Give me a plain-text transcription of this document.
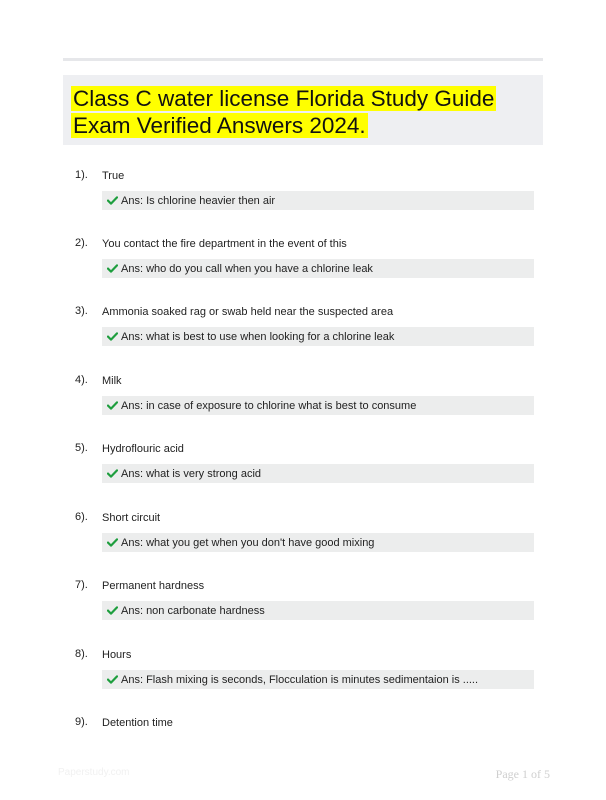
Class C water license Florida Study Guide Exam Verified Answers 2024.
1). True
Ans: Is chlorine heavier then air
2). You contact the fire department in the event of this
Ans: who do you call when you have a chlorine leak
3). Ammonia soaked rag or swab held near the suspected area
Ans: what is best to use when looking for a chlorine leak
4). Milk
Ans: in case of exposure to chlorine what is best to consume
5). Hydroflouric acid
Ans: what is very strong acid
6). Short circuit
Ans: what you get when you don't have good mixing
7). Permanent hardness
Ans: non carbonate hardness
8). Hours
Ans: Flash mixing is seconds, Flocculation is minutes sedimentaion is .....
9). Detention time
Paperstudy.com	Page 1 of 5
